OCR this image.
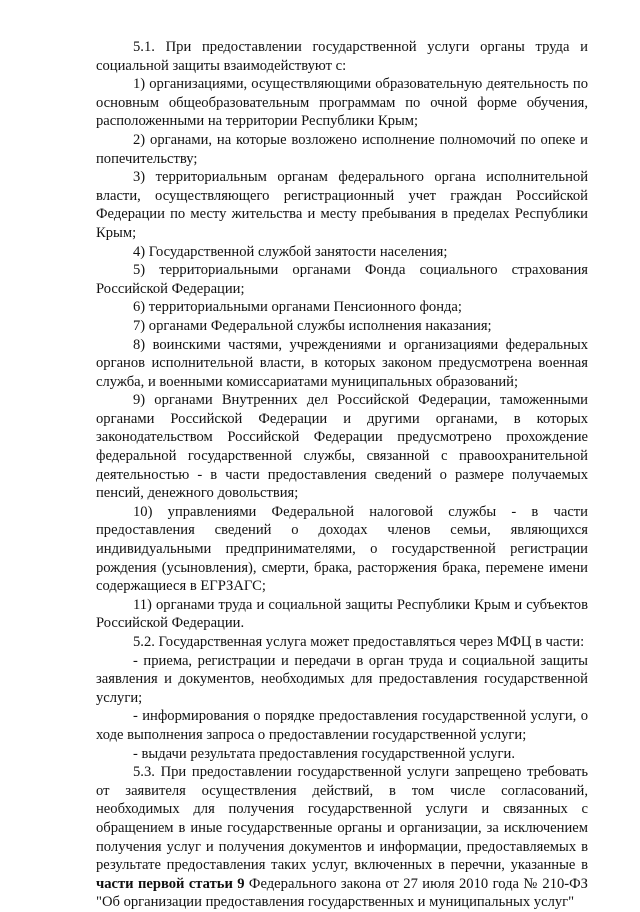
5.1. При предоставлении государственной услуги органы труда и социальной защиты взаимодействуют с:

1) организациями, осуществляющими образовательную деятельность по основным общеобразовательным программам по очной форме обучения, расположенными на территории Республики Крым;

2) органами, на которые возложено исполнение полномочий по опеке и попечительству;

3) территориальным органам федерального органа исполнительной власти, осуществляющего регистрационный учет граждан Российской Федерации по месту жительства и месту пребывания в пределах Республики Крым;

4) Государственной службой занятости населения;

5) территориальными органами Фонда социального страхования Российской Федерации;

6) территориальными органами Пенсионного фонда;

7) органами Федеральной службы исполнения наказания;

8) воинскими частями, учреждениями и организациями федеральных органов исполнительной власти, в которых законом предусмотрена военная служба, и военными комиссариатами муниципальных образований;

9) органами Внутренних дел Российской Федерации, таможенными органами Российской Федерации и другими органами, в которых законодательством Российской Федерации предусмотрено прохождение федеральной государственной службы, связанной с правоохранительной деятельностью - в части предоставления сведений о размере получаемых пенсий, денежного довольствия;

10) управлениями Федеральной налоговой службы - в части предоставления сведений о доходах членов семьи, являющихся индивидуальными предпринимателями, о государственной регистрации рождения (усыновления), смерти, брака, расторжения брака, перемене имени содержащиеся в ЕГРЗАГС;

11) органами труда и социальной защиты Республики Крым и субъектов Российской Федерации.

5.2. Государственная услуга может предоставляться через МФЦ в части:

- приема, регистрации и передачи в орган труда и социальной защиты заявления и документов, необходимых для предоставления государственной услуги;

- информирования о порядке предоставления государственной услуги, о ходе выполнения запроса о предоставлении государственной услуги;

- выдачи результата предоставления государственной услуги.

5.3. При предоставлении государственной услуги запрещено требовать от заявителя осуществления действий, в том числе согласований, необходимых для получения государственной услуги и связанных с обращением в иные государственные органы и организации, за исключением получения услуг и получения документов и информации, предоставляемых в результате предоставления таких услуг, включенных в перечни, указанные в части первой статьи 9 Федерального закона от 27 июля 2010 года № 210-ФЗ "Об организации предоставления государственных и муниципальных услуг"
